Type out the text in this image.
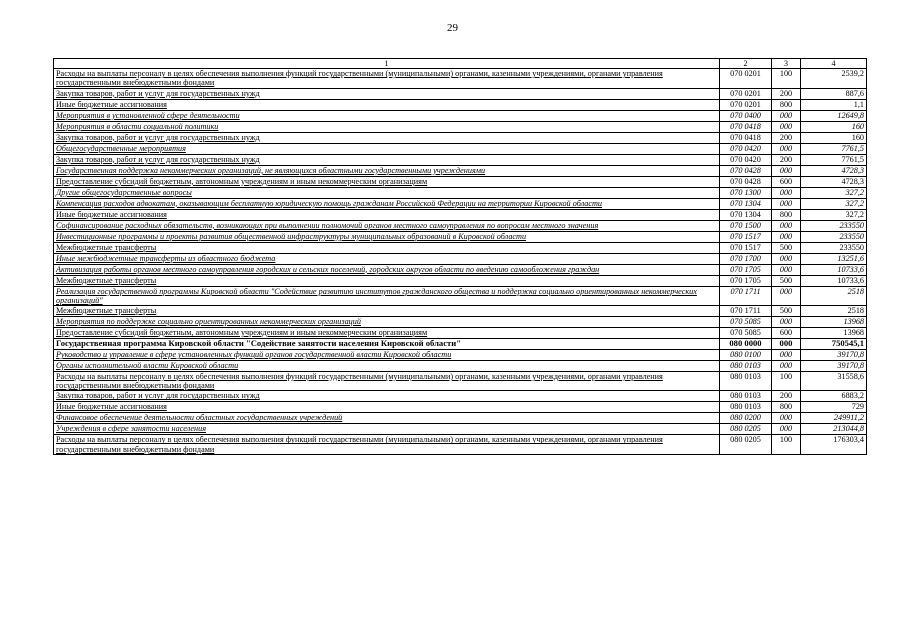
29
1	2	3	4
Расходы на выплаты персоналу в целях обеспечения выполнения функций государственными (муниципальными) органами, казенными учреждениями, органами управления государственными внебюджетными фондами	070 0201	100	2539,2
Закупка товаров, работ и услуг для государственных нужд	070 0201	200	887,6
Иные бюджетные ассигнования	070 0201	800	1,1
Мероприятия в установленной сфере деятельности	070 0400	000	12649,8
Мероприятия в области социальной политики	070 0418	000	160
Закупка товаров, работ и услуг для государственных нужд	070 0418	200	160
Общегосударственные мероприятия	070 0420	000	7761,5
Закупка товаров, работ и услуг для государственных нужд	070 0420	200	7761,5
Государственная поддержка некоммерческих организаций, не являющихся областными государственными учреждениями	070 0428	000	4728,3
Предоставление субсидий бюджетным, автономным учреждениям и иным некоммерческим организациям	070 0428	600	4728,3
Другие общегосударственные вопросы	070 1300	000	327,2
Компенсация расходов адвокатам, оказывающим бесплатную юридическую помощь гражданам Российской Федерации на территории Кировской области	070 1304	000	327,2
Иные бюджетные ассигнования	070 1304	800	327,2
Софинансирование расходных обязательств, возникающих при выполнении полномочий органов местного самоуправления по вопросам местного значения	070 1500	000	233550
Инвестиционные программы и проекты развития общественной инфраструктуры муниципальных образований в Кировской области	070 1517	000	233550
Межбюджетные трансферты	070 1517	500	233550
Иные межбюджетные трансферты из областного бюджета	070 1700	000	13251,6
Активизация работы органов местного самоуправления городских и сельских поселений, городских округов области по введению самообложения граждан	070 1705	000	10733,6
Межбюджетные трансферты	070 1705	500	10733,6
Реализация государственной программы Кировской области "Содействие развитию институтов гражданского общества и поддержка социально ориентированных некоммерческих организаций"	070 1711	000	2518
Межбюджетные трансферты	070 1711	500	2518
Мероприятия по поддержке социально ориентированных некоммерческих организаций	070 5085	000	13968
Предоставление субсидий бюджетным, автономным учреждениям и иным некоммерческим организациям	070 5085	600	13968
Государственная программа Кировской области "Содействие занятости населения Кировской области"	080 0000	000	750545,1
Руководство и управление в сфере установленных функций органов государственной власти Кировской области	080 0100	000	39170,8
Органы исполнительной власти Кировской области	080 0103	000	39170,8
Расходы на выплаты персоналу в целях обеспечения выполнения функций государственными (муниципальными) органами, казенными учреждениями, органами управления государственными внебюджетными фондами	080 0103	100	31558,6
Закупка товаров, работ и услуг для государственных нужд	080 0103	200	6883,2
Иные бюджетные ассигнования	080 0103	800	729
Финансовое обеспечение деятельности областных государственных учреждений	080 0200	000	249911,2
Учреждения в сфере занятости населения	080 0205	000	213044,8
Расходы на выплаты персоналу в целях обеспечения выполнения функций государственными (муниципальными) органами, казенными учреждениями, органами управления государственными внебюджетными фондами	080 0205	100	176303,4
